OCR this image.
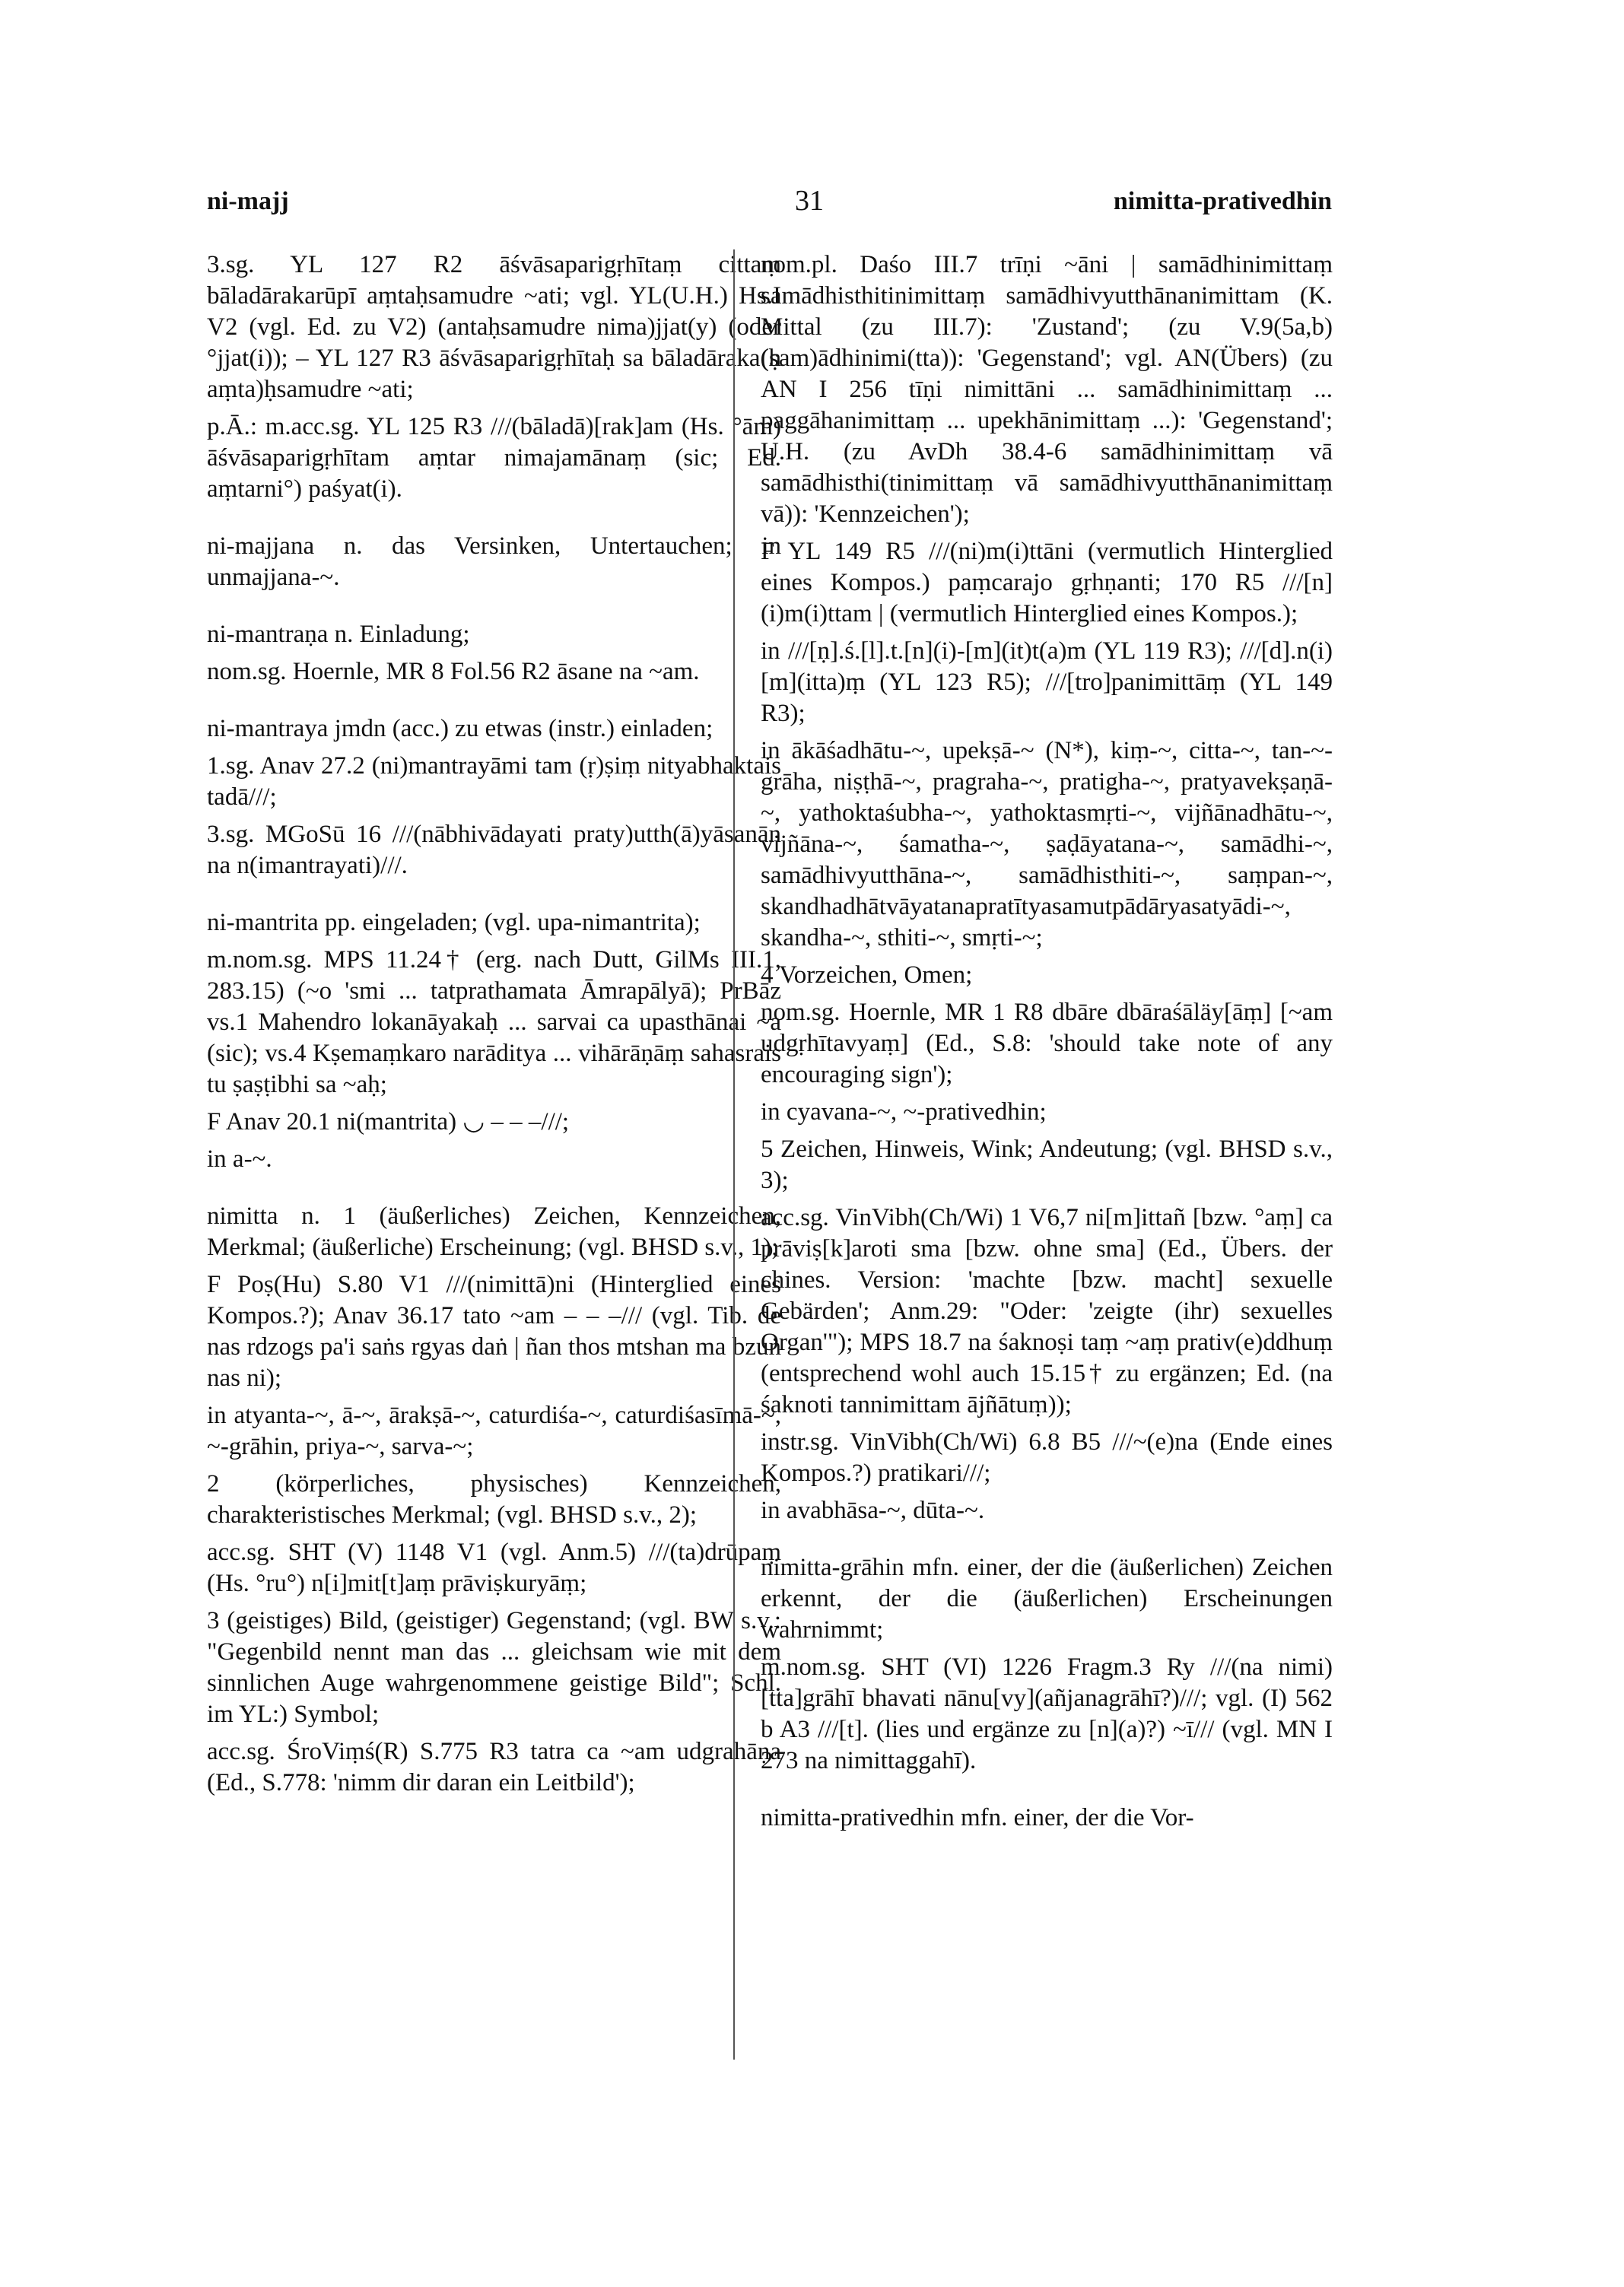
ni-majj	31	nimitta-prativedhin

3.sg. YL 127 R2 āśvāsaparigṛhītaṃ cittaṃ bāladārakarūpī aṃtaḥsamudre ~ati; vgl. YL(U.H.) Hs.I V2 (vgl. Ed. zu V2) (antaḥsamudre nima)jjat(y) (oder °jjat(i)); – YL 127 R3 āśvāsaparigṛhītaḥ sa bāladāraka(ḥ aṃta)ḥsamudre ~ati;

p.Ā.: m.acc.sg. YL 125 R3 ///(bāladā)[rak]am (Hs. °ām) āśvāsaparigṛhītam aṃtar nimajamānaṃ (sic; Ed. aṃtarni°) paśyat(i).

ni-majjana n. das Versinken, Untertauchen; in unmajjana-~.

ni-mantraṇa n. Einladung;

nom.sg. Hoernle, MR 8 Fol.56 R2 āsane na ~am.

ni-mantraya jmdn (acc.) zu etwas (instr.) einladen;

1.sg. Anav 27.2 (ni)mantrayāmi tam (ṛ)ṣiṃ nityabhaktais tadā///;

3.sg. MGoSū 16 ///(nābhivādayati praty)utth(ā)yāsanān na n(imantrayati)///.

ni-mantrita pp. eingeladen; (vgl. upa-nimantrita);

m.nom.sg. MPS 11.24† (erg. nach Dutt, GilMs III.1, 283.15) (~o 'smi ... tatprathamata Āmrapālyā); PrBāz vs.1 Mahendro lokanāyakaḥ ... sarvai ca upasthānai ~a (sic); vs.4 Kṣemaṃkaro narāditya ... vihārāṇāṃ sahasrais tu ṣaṣṭibhi sa ~aḥ;

F Anav 20.1 ni(mantrita) ◡ – – –///;

in a-~.

nimitta n. 1 (äußerliches) Zeichen, Kennzeichen, Merkmal; (äußerliche) Erscheinung; (vgl. BHSD s.v., 1);

F Poṣ(Hu) S.80 V1 ///(nimittā)ni (Hinterglied eines Kompos.?); Anav 36.17 tato ~am – – –/// (vgl. Tib. de nas rdzogs pa'i saṅs rgyas daṅ | ñan thos mtshan ma bzuṅ nas ni);

in atyanta-~, ā-~, ārakṣā-~, caturdiśa-~, caturdiśasīmā-~, ~-grāhin, priya-~, sarva-~;

2 (körperliches, physisches) Kennzeichen, charakteristisches Merkmal; (vgl. BHSD s.v., 2);

acc.sg. SHT (V) 1148 V1 (vgl. Anm.5) ///(ta)drūpaṃ (Hs. °ru°) n[i]mit[t]aṃ prāviṣkuryāṃ;

3 (geistiges) Bild, (geistiger) Gegenstand; (vgl. BW s.v.: "Gegenbild nennt man das ... gleichsam wie mit dem sinnlichen Auge wahrgenommene geistige Bild"; Schl. im YL:) Symbol;

acc.sg. ŚroViṃś(R) S.775 R3 tatra ca ~am udgrahāṇa (Ed., S.778: 'nimm dir daran ein Leitbild');

nom.pl. Daśo III.7 trīṇi ~āni | samādhinimittaṃ samādhisthitinimittaṃ samādhivyutthānanimittam (K. Mittal (zu III.7): 'Zustand'; (zu V.9(5a,b) (sam)ādhinimi(tta)): 'Gegenstand'; vgl. AN(Übers) (zu AN I 256 tīṇi nimittāni ... samādhinimittaṃ ... paggāhanimittaṃ ... upekhānimittaṃ ...): 'Gegenstand'; U.H. (zu AvDh 38.4-6 samādhinimittaṃ vā samādhisthi(tinimittaṃ vā samādhivyutthānanimittaṃ vā)): 'Kennzeichen');

F YL 149 R5 ///(ni)m(i)ttāni (vermutlich Hinterglied eines Kompos.) paṃcarajo gṛhṇanti; 170 R5 ///[n](i)m(i)ttam | (vermutlich Hinterglied eines Kompos.);

in ///[ṇ].ś.[l].t.[n](i)-[m](it)t(a)m (YL 119 R3); ///[d].n(i)[m](itta)ṃ (YL 123 R5); ///[tro]panimittāṃ (YL 149 R3);

in ākāśadhātu-~, upekṣā-~ (N*), kiṃ-~, citta-~, tan-~-grāha, niṣṭhā-~, pragraha-~, pratigha-~, pratyavekṣaṇā-~, yathoktaśubha-~, yathoktasmṛti-~, vijñānadhātu-~, vijñāna-~, śamatha-~, ṣaḍāyatana-~, samādhi-~, samādhivyutthāna-~, samādhisthiti-~, saṃpan-~, skandhadhātvāyatanapratītyasamutpādāryasatyādi-~, skandha-~, sthiti-~, smṛti-~;

4 Vorzeichen, Omen;

nom.sg. Hoernle, MR 1 R8 dbāre dbāraśāläy[āṃ] [~am udgṛhītavyaṃ] (Ed., S.8: 'should take note of any encouraging sign');

in cyavana-~, ~-prativedhin;

5 Zeichen, Hinweis, Wink; Andeutung; (vgl. BHSD s.v., 3);

acc.sg. VinVibh(Ch/Wi) 1 V6,7 ni[m]ittañ [bzw. °aṃ] ca prāviṣ[k]aroti sma [bzw. ohne sma] (Ed., Übers. der chines. Version: 'machte [bzw. macht] sexuelle Gebärden'; Anm.29: "Oder: 'zeigte (ihr) sexuelles Organ'"); MPS 18.7 na śaknoṣi taṃ ~aṃ prativ(e)ddhuṃ (entsprechend wohl auch 15.15† zu ergänzen; Ed. (na śaknoti tannimittam ājñātuṃ));

instr.sg. VinVibh(Ch/Wi) 6.8 B5 ///~(e)na (Ende eines Kompos.?) pratikari///;

in avabhāsa-~, dūta-~.

nimitta-grāhin mfn. einer, der die (äußerlichen) Zeichen erkennt, der die (äußerlichen) Erscheinungen wahrnimmt;

m.nom.sg. SHT (VI) 1226 Fragm.3 Ry ///(na nimi)[tta]grāhī bhavati nānu[vy](añjanagrāhī?)///; vgl. (I) 562 b A3 ///[t]. (lies und ergänze zu [n](a)?) ~ī/// (vgl. MN I 273 na nimittaggahī).

nimitta-prativedhin mfn. einer, der die Vor-
